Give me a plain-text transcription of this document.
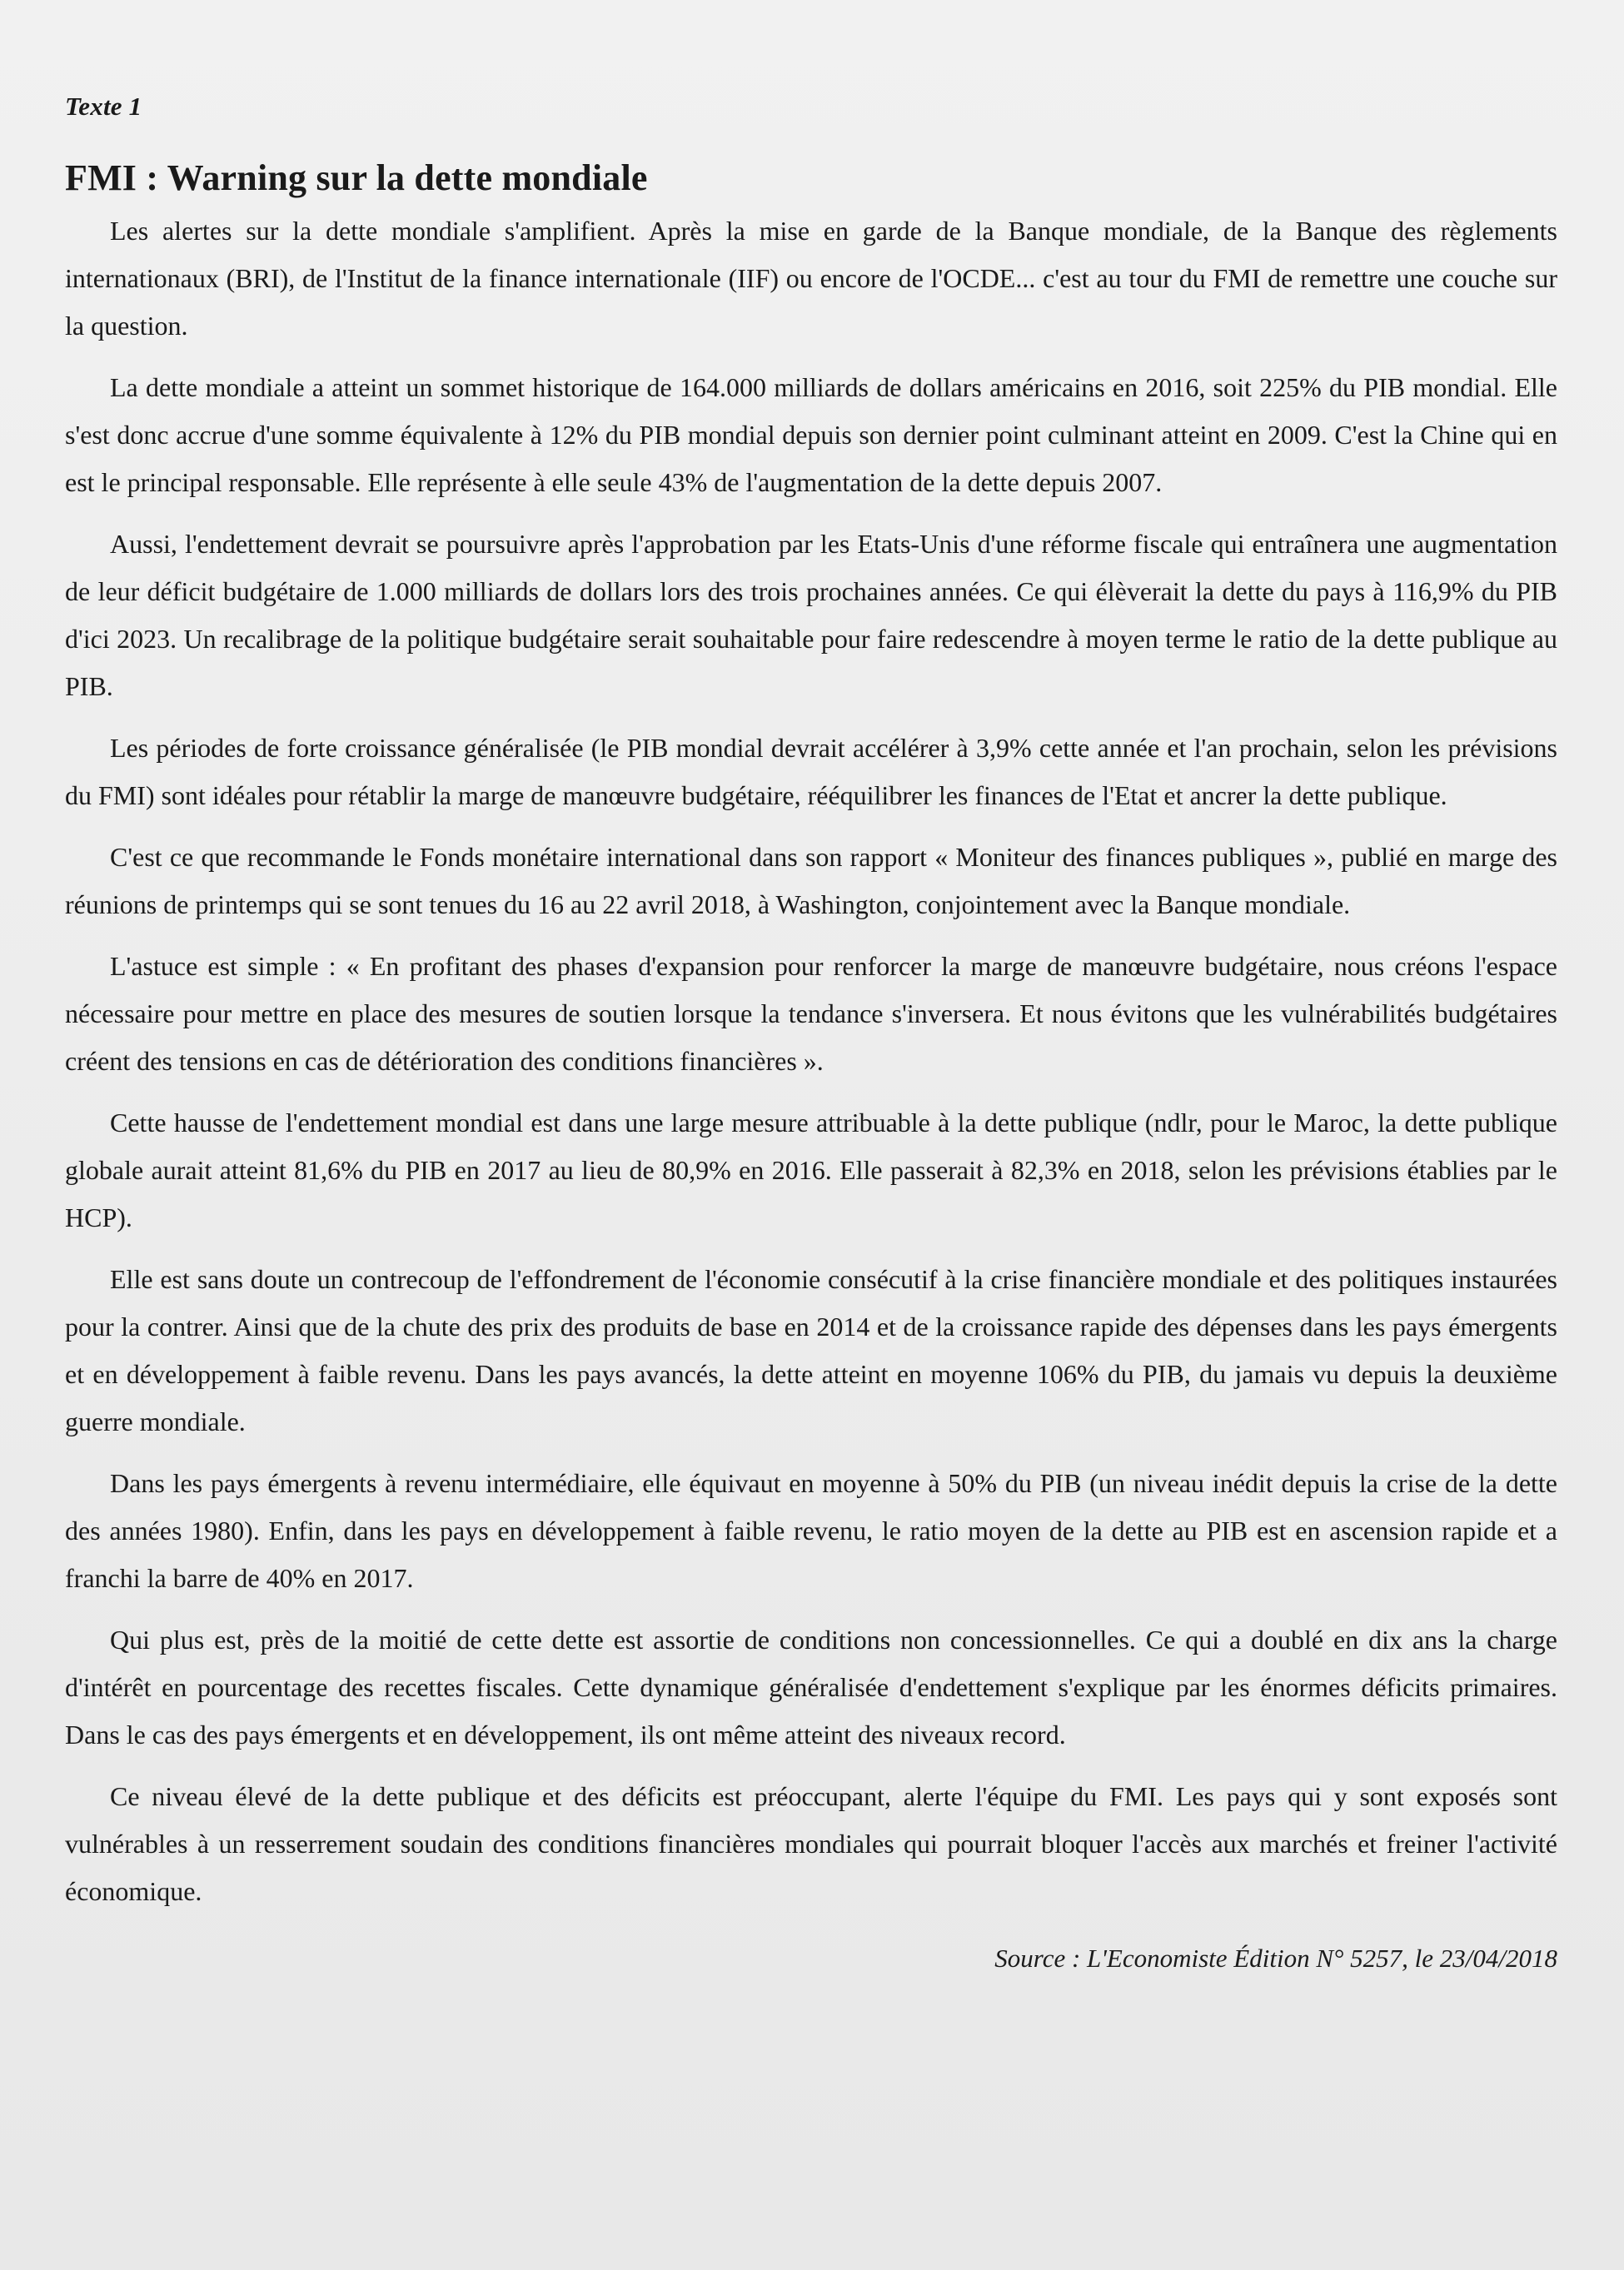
Texte 1
FMI : Warning sur la dette mondiale

Les alertes sur la dette mondiale s'amplifient. Après la mise en garde de la Banque mondiale, de la Banque des règlements internationaux (BRI), de l'Institut de la finance internationale (IIF) ou encore de l'OCDE... c'est au tour du FMI de remettre une couche sur la question.

La dette mondiale a atteint un sommet historique de 164.000 milliards de dollars américains en 2016, soit 225% du PIB mondial. Elle s'est donc accrue d'une somme équivalente à 12% du PIB mondial depuis son dernier point culminant atteint en 2009. C'est la Chine qui en est le principal responsable. Elle représente à elle seule 43% de l'augmentation de la dette depuis 2007.

Aussi, l'endettement devrait se poursuivre après l'approbation par les Etats-Unis d'une réforme fiscale qui entraînera une augmentation de leur déficit budgétaire de 1.000 milliards de dollars lors des trois prochaines années. Ce qui élèverait la dette du pays à 116,9% du PIB d'ici 2023. Un recalibrage de la politique budgétaire serait souhaitable pour faire redescendre à moyen terme le ratio de la dette publique au PIB.

Les périodes de forte croissance généralisée (le PIB mondial devrait accélérer à 3,9% cette année et l'an prochain, selon les prévisions du FMI) sont idéales pour rétablir la marge de manœuvre budgétaire, rééquilibrer les finances de l'Etat et ancrer la dette publique.

C'est ce que recommande le Fonds monétaire international dans son rapport « Moniteur des finances publiques », publié en marge des réunions de printemps qui se sont tenues du 16 au 22 avril 2018, à Washington, conjointement avec la Banque mondiale.

L'astuce est simple : « En profitant des phases d'expansion pour renforcer la marge de manœuvre budgétaire, nous créons l'espace nécessaire pour mettre en place des mesures de soutien lorsque la tendance s'inversera. Et nous évitons que les vulnérabilités budgétaires créent des tensions en cas de détérioration des conditions financières ».

Cette hausse de l'endettement mondial est dans une large mesure attribuable à la dette publique (ndlr, pour le Maroc, la dette publique globale aurait atteint 81,6% du PIB en 2017 au lieu de 80,9% en 2016. Elle passerait à 82,3% en 2018, selon les prévisions établies par le HCP).

Elle est sans doute un contrecoup de l'effondrement de l'économie consécutif à la crise financière mondiale et des politiques instaurées pour la contrer. Ainsi que de la chute des prix des produits de base en 2014 et de la croissance rapide des dépenses dans les pays émergents et en développement à faible revenu. Dans les pays avancés, la dette atteint en moyenne 106% du PIB, du jamais vu depuis la deuxième guerre mondiale.

Dans les pays émergents à revenu intermédiaire, elle équivaut en moyenne à 50% du PIB (un niveau inédit depuis la crise de la dette des années 1980). Enfin, dans les pays en développement à faible revenu, le ratio moyen de la dette au PIB est en ascension rapide et a franchi la barre de 40% en 2017.

Qui plus est, près de la moitié de cette dette est assortie de conditions non concessionnelles. Ce qui a doublé en dix ans la charge d'intérêt en pourcentage des recettes fiscales. Cette dynamique généralisée d'endettement s'explique par les énormes déficits primaires. Dans le cas des pays émergents et en développement, ils ont même atteint des niveaux record.

Ce niveau élevé de la dette publique et des déficits est préoccupant, alerte l'équipe du FMI. Les pays qui y sont exposés sont vulnérables à un resserrement soudain des conditions financières mondiales qui pourrait bloquer l'accès aux marchés et freiner l'activité économique.

Source : L'Economiste Édition N° 5257, le 23/04/2018
